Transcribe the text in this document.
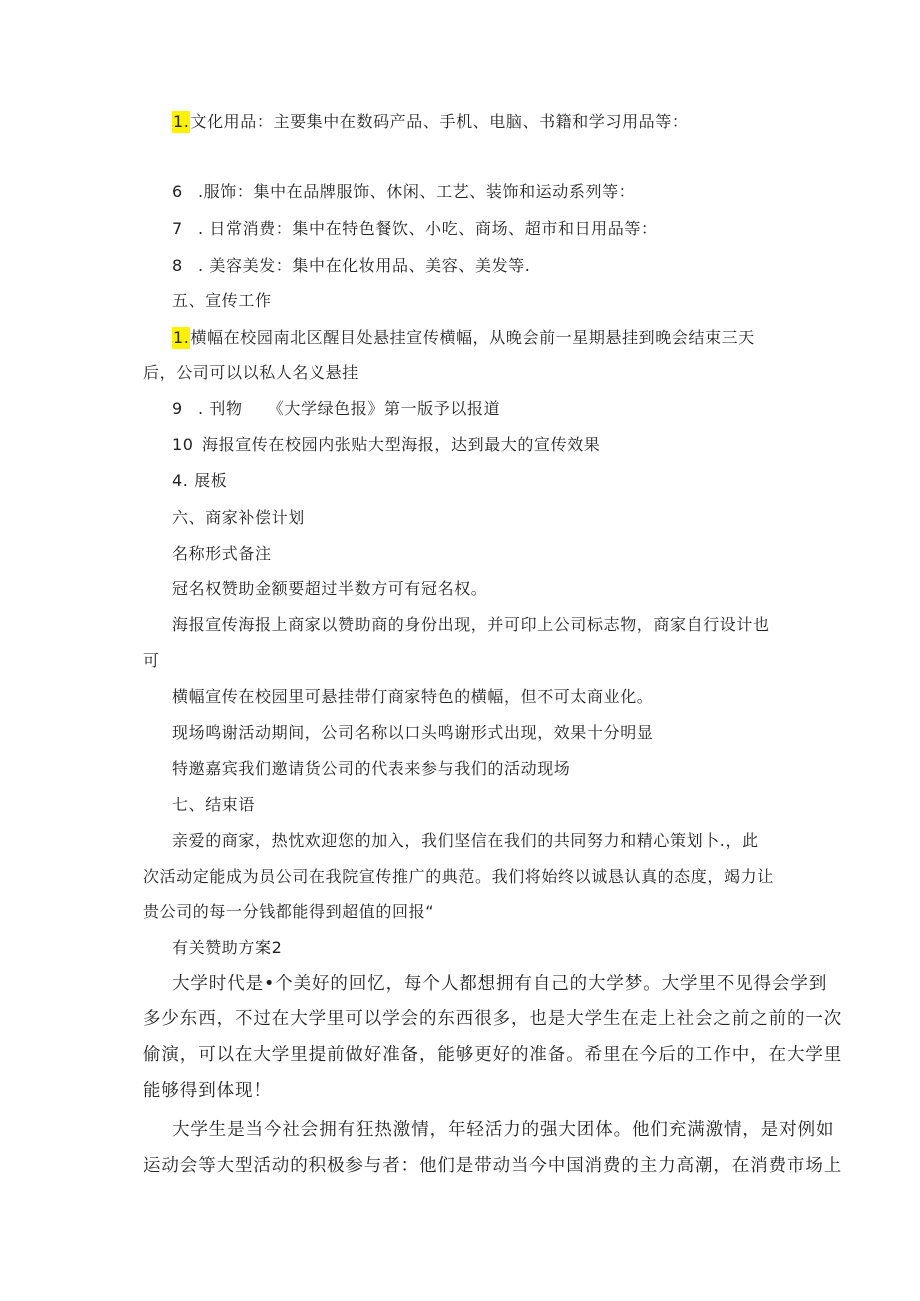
1.文化用品：主要集中在数码产品、手机、电脑、书籍和学习用品等：
6 .服饰：集中在品牌服饰、休闲、工艺、装饰和运动系列等：
7 . 日常消费：集中在特色餐饮、小吃、商场、超市和日用品等：
8 . 美容美发：集中在化妆用品、美容、美发等.
五、宣传工作
1.横幅在校园南北区醒目处悬挂宣传横幅，从晚会前一星期悬挂到晚会结束三天
后，公司可以以私人名义悬挂
9 . 刊物　　《大学绿色报》第一版予以报道
10 海报宣传在校园内张贴大型海报，达到最大的宣传效果
4. 展板
六、商家补偿计划
名称形式备注
冠名权赞助金额要超过半数方可有冠名权。
海报宣传海报上商家以赞助商的身份出现，并可印上公司标志物，商家自行设计也
可
横幅宣传在校园里可悬挂带仃商家特色的横幅，但不可太商业化。
现场鸣谢活动期间，公司名称以口头鸣谢形式出现，效果十分明显
特邀嘉宾我们邀请货公司的代表来参与我们的活动现场
七、结束语
亲爱的商家，热忱欢迎您的加入，我们坚信在我们的共同努力和精心策划卜.，此
次活动定能成为员公司在我院宣传推广的典范。我们将始终以诚恳认真的态度，竭力让
贵公司的每一分钱都能得到超值的回报“
有关赞助方案2
大学时代是•个美好的回忆，每个人都想拥有自己的大学梦。大学里不见得会学到
多少东西，不过在大学里可以学会的东西很多，也是大学生在走上社会之前之前的一次
偷演，可以在大学里提前做好准备，能够更好的准备。希里在今后的工作中，在大学里
能够得到体现！
大学生是当今社会拥有狂热激情，年轻活力的强大团体。他们充满激情，是对例如
运动会等大型活动的积极参与者：他们是带动当今中国消费的主力高潮，在消费市场上
